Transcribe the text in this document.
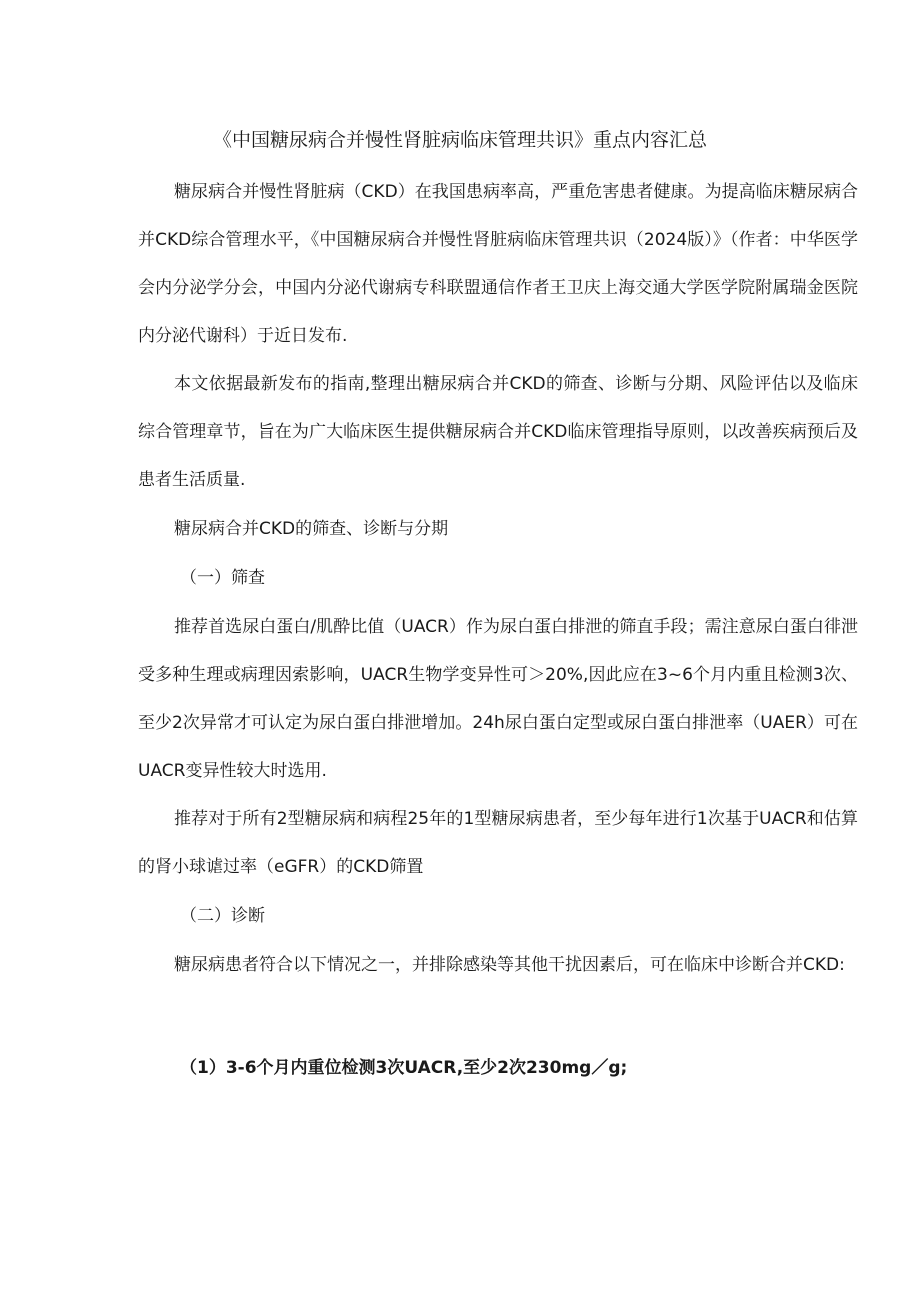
《中国糖尿病合并慢性肾脏病临床管理共识》重点内容汇总

糖尿病合并慢性肾脏病（CKD）在我国患病率高，严重危害患者健康。为提高临床糖尿病合并CKD综合管理水平，《中国糖尿病合并慢性肾脏病临床管理共识（2024版）》（作者：中华医学会内分泌学分会，中国内分泌代谢病专科联盟通信作者王卫庆上海交通大学医学院附属瑞金医院内分泌代谢科）于近日发布.

本文依据最新发布的指南,整理出糖尿病合并CKD的筛查、诊断与分期、风险评估以及临床综合管理章节，旨在为广大临床医生提供糖尿病合并CKD临床管理指导原则，以改善疾病预后及患者生活质量.

糖尿病合并CKD的筛查、诊断与分期

（一）筛查

推荐首选尿白蛋白/肌酔比值（UACR）作为尿白蛋白排泄的筛直手段；需注意尿白蛋白徘泄受多种生理或病理因索影响，UACR生物学变异性可＞20%,因此应在3~6个月内重且检测3次、至少2次异常才可认定为尿白蛋白排泄增加。24h尿白蛋白定型或尿白蛋白排泄率（UAER）可在UACR变异性较大时选用.

推荐对于所有2型糖尿病和病程25年的1型糖尿病患者，至少每年进行1次基于UACR和估算的肾小球谑过率（eGFR）的CKD筛置

（二）诊断

糖尿病患者符合以下情况之一，并排除感染等其他干扰因素后，可在临床中诊断合并CKD:

（1）3-6个月内重位检测3次UACR,至少2次230mg／g;
